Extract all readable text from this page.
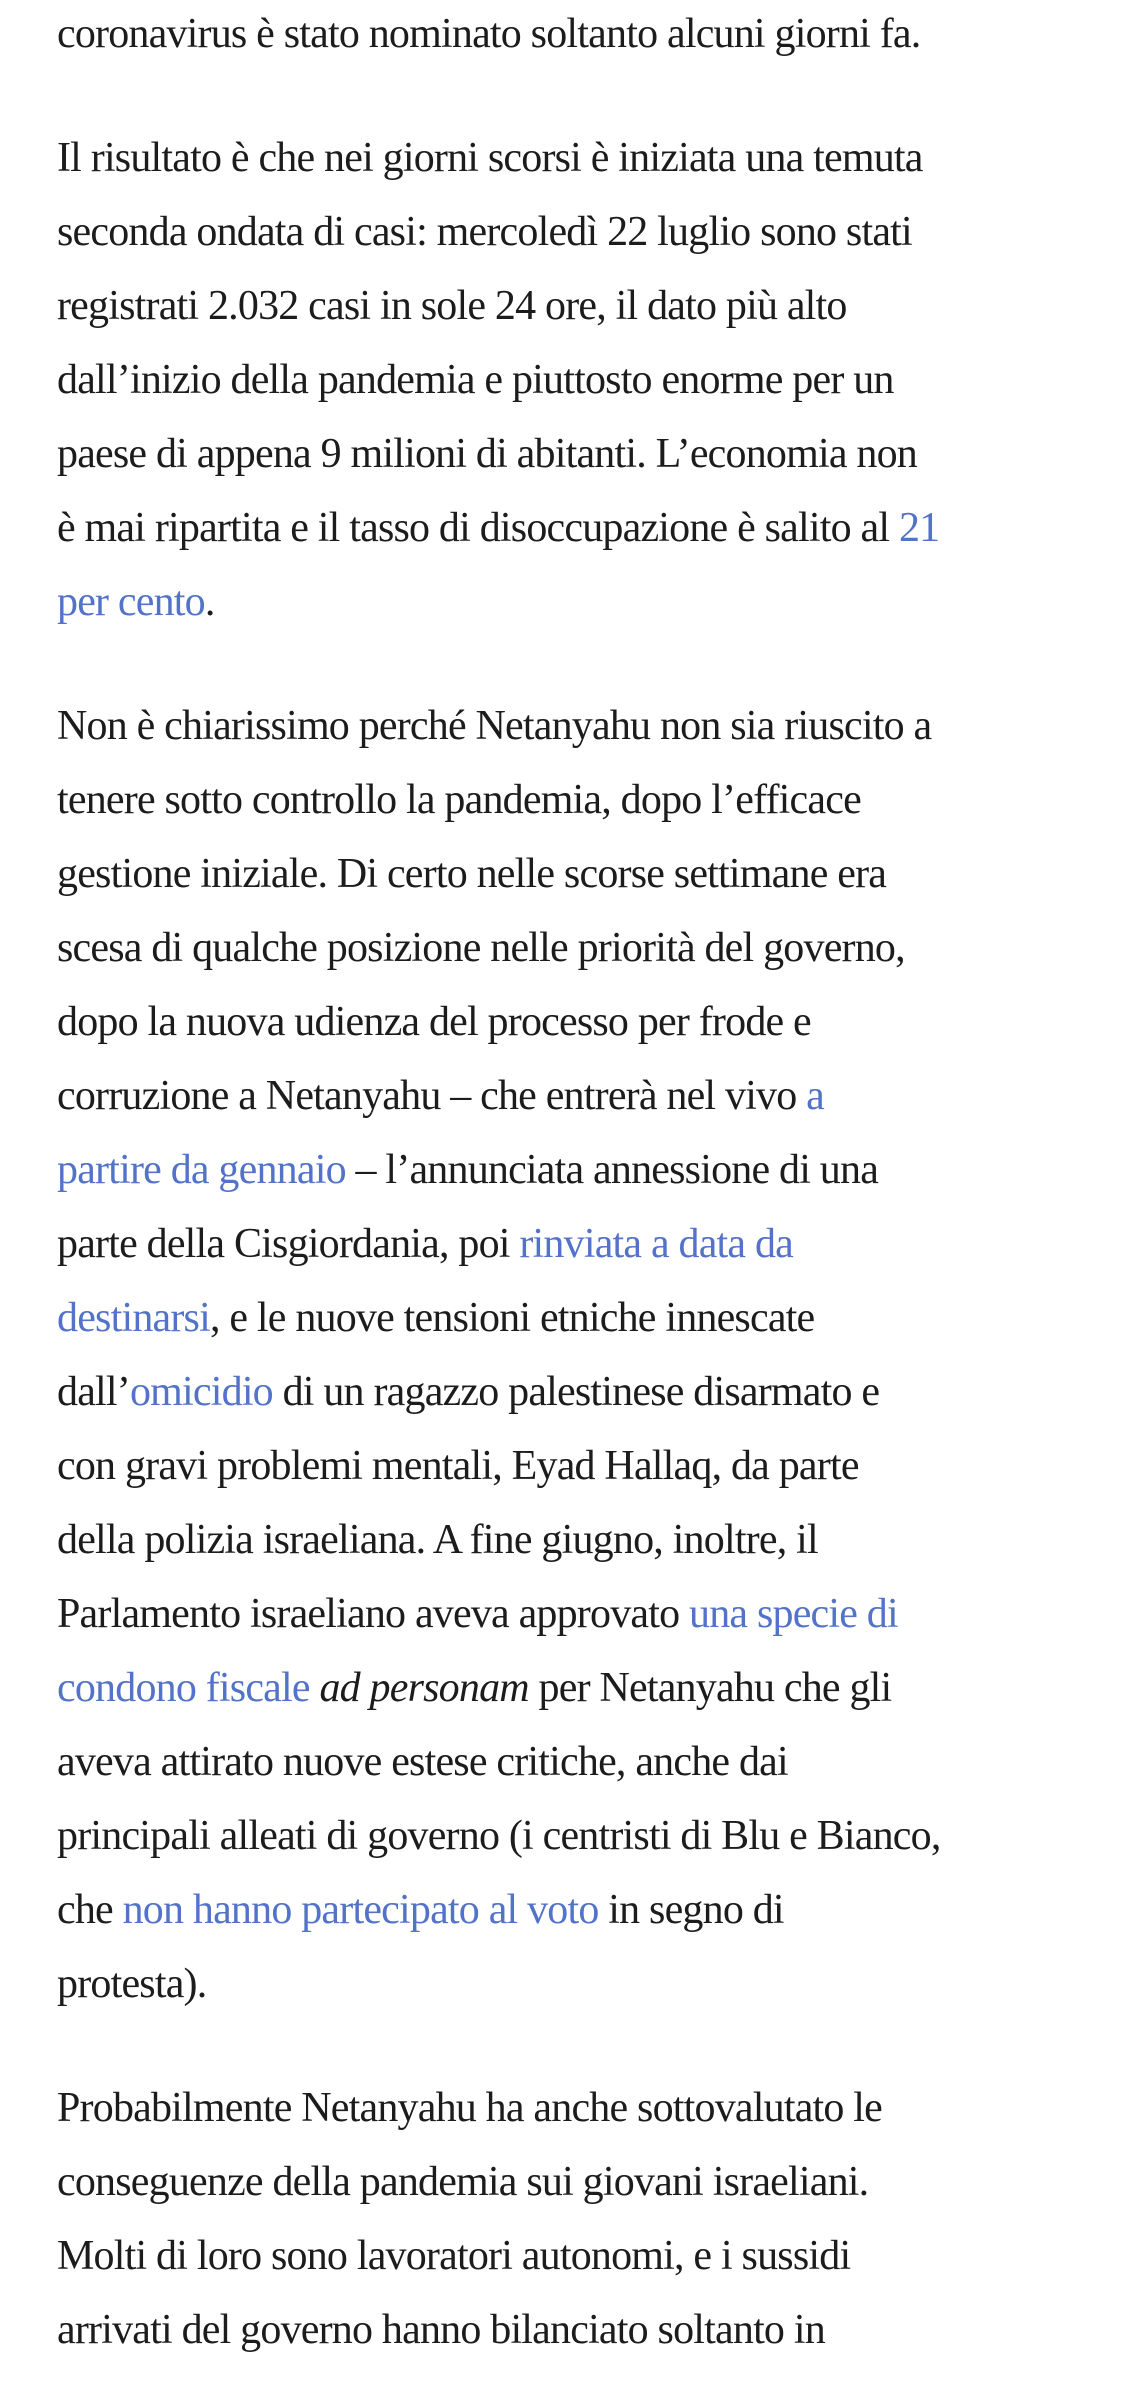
coronavirus è stato nominato soltanto alcuni giorni fa.

Il risultato è che nei giorni scorsi è iniziata una temuta
seconda ondata di casi: mercoledì 22 luglio sono stati
registrati 2.032 casi in sole 24 ore, il dato più alto
dall’inizio della pandemia e piuttosto enorme per un
paese di appena 9 milioni di abitanti. L’economia non
è mai ripartita e il tasso di disoccupazione è salito al 21
per cento.

Non è chiarissimo perché Netanyahu non sia riuscito a
tenere sotto controllo la pandemia, dopo l’efficace
gestione iniziale. Di certo nelle scorse settimane era
scesa di qualche posizione nelle priorità del governo,
dopo la nuova udienza del processo per frode e
corruzione a Netanyahu – che entrerà nel vivo a
partire da gennaio – l’annunciata annessione di una
parte della Cisgiordania, poi rinviata a data da
destinarsi, e le nuove tensioni etniche innescate
dall’omicidio di un ragazzo palestinese disarmato e
con gravi problemi mentali, Eyad Hallaq, da parte
della polizia israeliana. A fine giugno, inoltre, il
Parlamento israeliano aveva approvato una specie di
condono fiscale ad personam per Netanyahu che gli
aveva attirato nuove estese critiche, anche dai
principali alleati di governo (i centristi di Blu e Bianco,
che non hanno partecipato al voto in segno di
protesta).

Probabilmente Netanyahu ha anche sottovalutato le
conseguenze della pandemia sui giovani israeliani.
Molti di loro sono lavoratori autonomi, e i sussidi
arrivati del governo hanno bilanciato soltanto in
